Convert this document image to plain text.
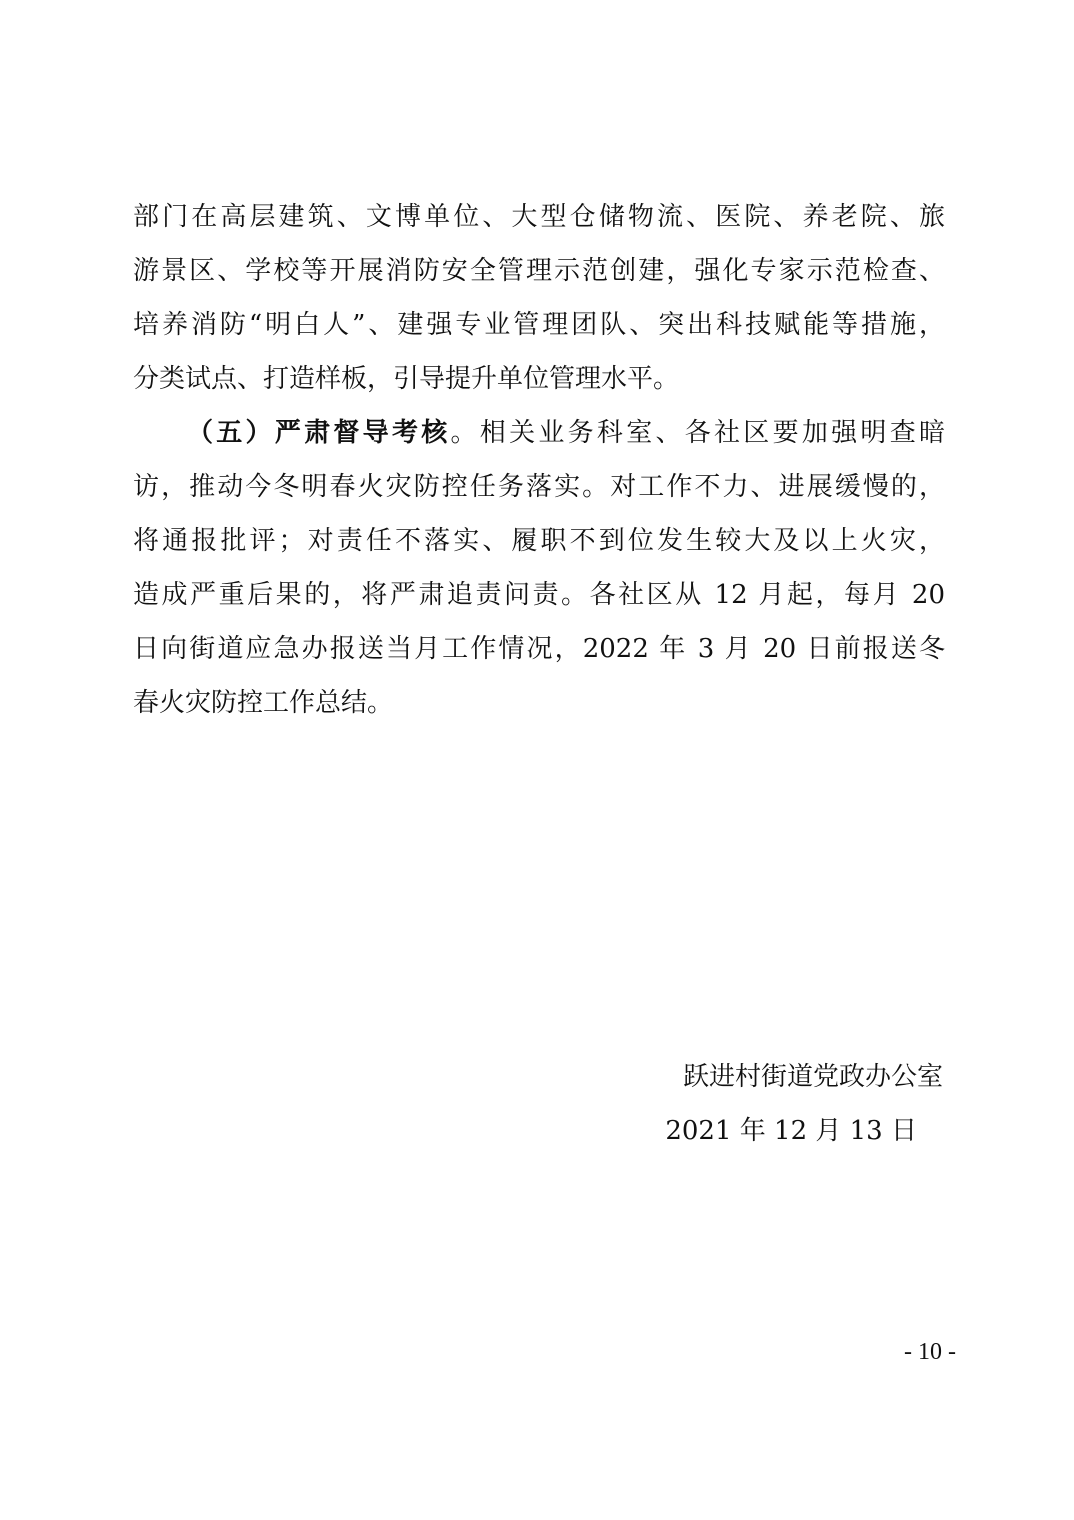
部门在高层建筑、文博单位、大型仓储物流、医院、养老院、旅
游景区、学校等开展消防安全管理示范创建，强化专家示范检查、
培养消防“明白人”、建强专业管理团队、突出科技赋能等措施，
分类试点、打造样板，引导提升单位管理水平。
（五）严肃督导考核。相关业务科室、各社区要加强明查暗
访，推动今冬明春火灾防控任务落实。对工作不力、进展缓慢的，
将通报批评；对责任不落实、履职不到位发生较大及以上火灾，
造成严重后果的，将严肃追责问责。各社区从 12 月起，每月 20
日向街道应急办报送当月工作情况，2022 年 3 月 20 日前报送冬
春火灾防控工作总结。
跃进村街道党政办公室
2021 年 12 月 13 日
- 10 -
